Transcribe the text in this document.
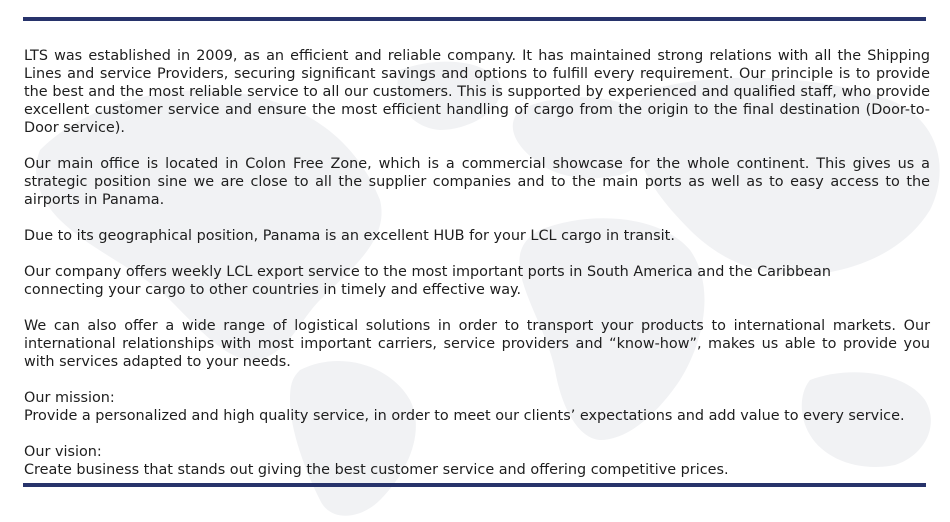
LTS was established in 2009, as an efficient and reliable company. It has maintained strong relations with all the Shipping Lines and service Providers, securing significant savings and options to fulfill every requirement. Our principle is to provide the best and the most reliable service to all our customers. This is supported by experienced and qualified staff, who provide excellent customer service and ensure the most efficient handling of cargo from the origin to the final destination (Door-to-Door service).

Our main office is located in Colon Free Zone, which is a commercial showcase for the whole continent. This gives us a strategic position sine we are close to all the supplier companies and to the main ports as well as to easy access to the airports in Panama.

Due to its geographical position, Panama is an excellent HUB for your LCL cargo in transit.

Our company offers weekly LCL export service to the most important ports in South America and the Caribbean
connecting your cargo to other countries in timely and effective way.

We can also offer a wide range of logistical solutions in order to transport your products to international markets. Our international relationships with most important carriers, service providers and “know-how”, makes us able to provide you with services adapted to your needs.

Our mission:
Provide a personalized and high quality service, in order to meet our clients’ expectations and add value to every service.

Our vision:
Create business that stands out giving the best customer service and offering competitive prices.
